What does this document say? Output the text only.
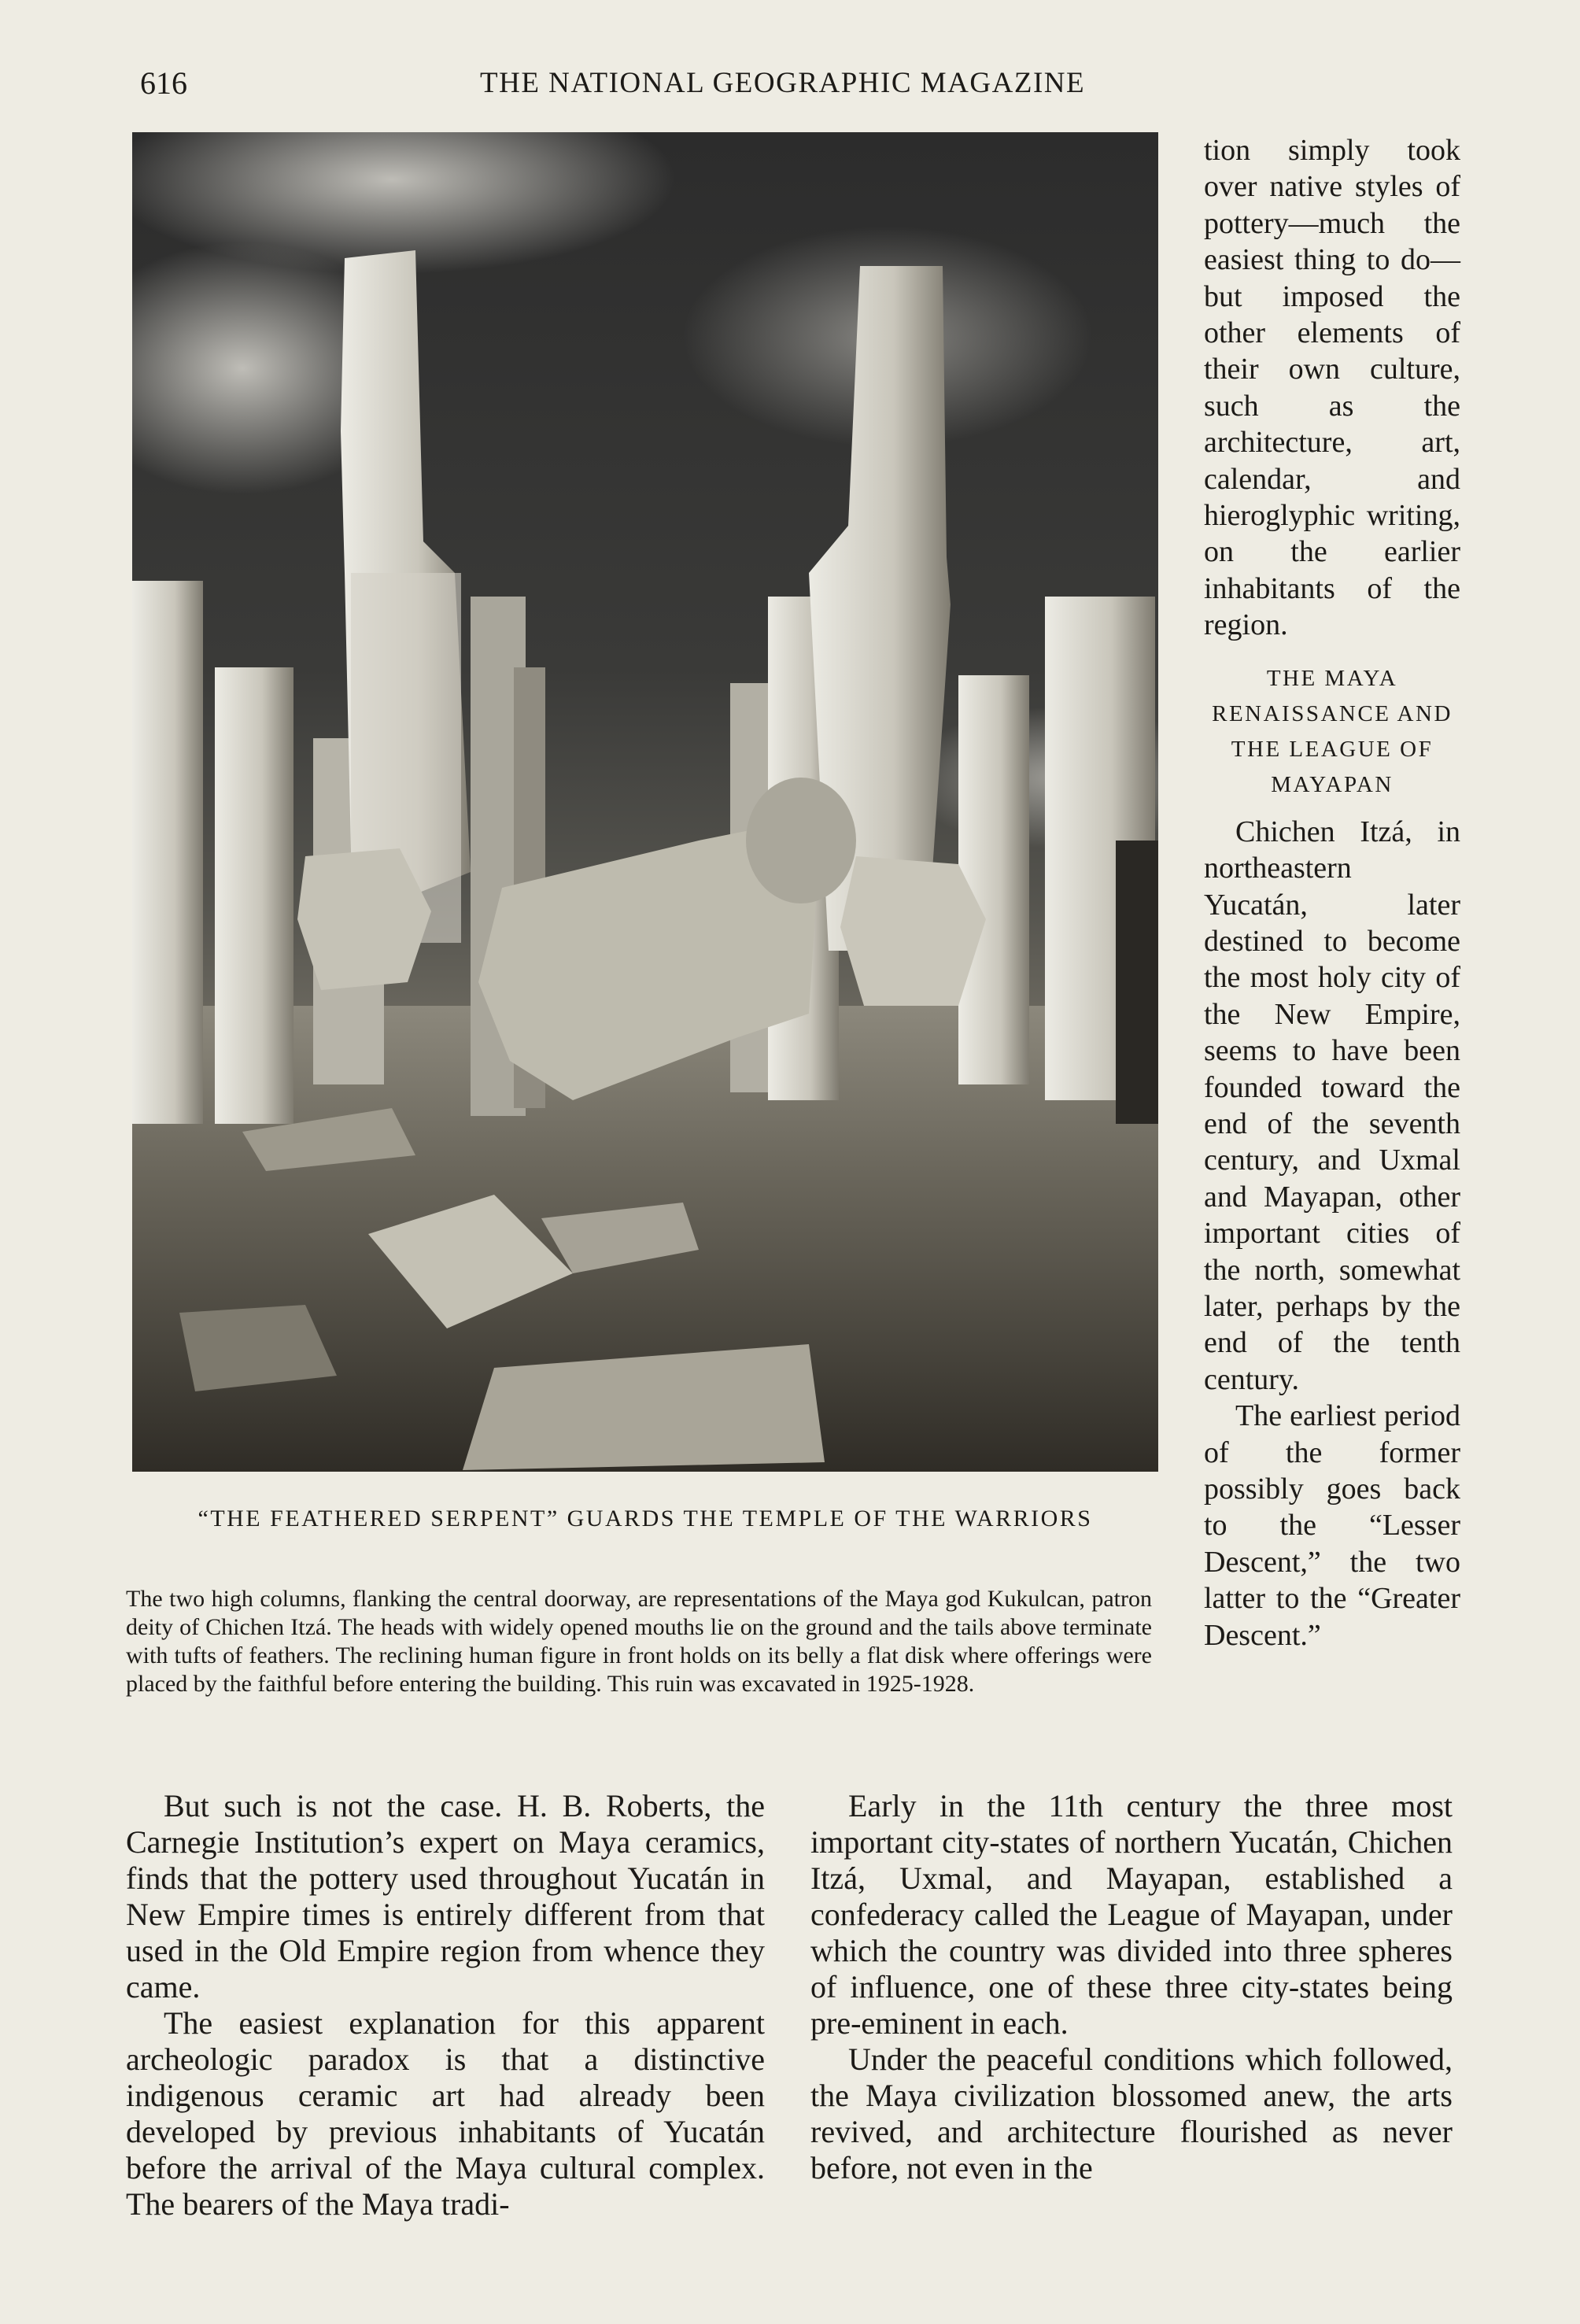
616	THE NATIONAL GEOGRAPHIC MAGAZINE
“THE FEATHERED SERPENT” GUARDS THE TEMPLE OF THE WARRIORS
The two high columns, flanking the central doorway, are representations of the Maya god Kukulcan, patron deity of Chichen Itzá. The heads with widely opened mouths lie on the ground and the tails above terminate with tufts of feathers. The reclining human figure in front holds on its belly a flat disk where offerings were placed by the faithful before entering the building. This ruin was excavated in 1925-1928.

tion simply took over native styles of pottery—much the easiest thing to do—but imposed the other elements of their own culture, such as the architecture, art, calendar, and hieroglyphic writing, on the earlier inhabitants of the region.

THE MAYA RENAISSANCE AND THE LEAGUE OF MAYAPAN

Chichen Itzá, in northeastern Yucatán, later destined to become the most holy city of the New Empire, seems to have been founded toward the end of the seventh century, and Uxmal and Mayapan, other important cities of the north, somewhat later, perhaps by the end of the tenth century.

The earliest period of the former possibly goes back to the “Lesser Descent,” the two latter to the “Greater Descent.”

But such is not the case. H. B. Roberts, the Carnegie Institution’s expert on Maya ceramics, finds that the pottery used throughout Yucatán in New Empire times is entirely different from that used in the Old Empire region from whence they came.

The easiest explanation for this apparent archeologic paradox is that a distinctive indigenous ceramic art had already been developed by previous inhabitants of Yucatán before the arrival of the Maya cultural complex. The bearers of the Maya tradi-

Early in the 11th century the three most important city-states of northern Yucatán, Chichen Itzá, Uxmal, and Mayapan, established a confederacy called the League of Mayapan, under which the country was divided into three spheres of influence, one of these three city-states being pre-eminent in each.

Under the peaceful conditions which followed, the Maya civilization blossomed anew, the arts revived, and architecture flourished as never before, not even in the
